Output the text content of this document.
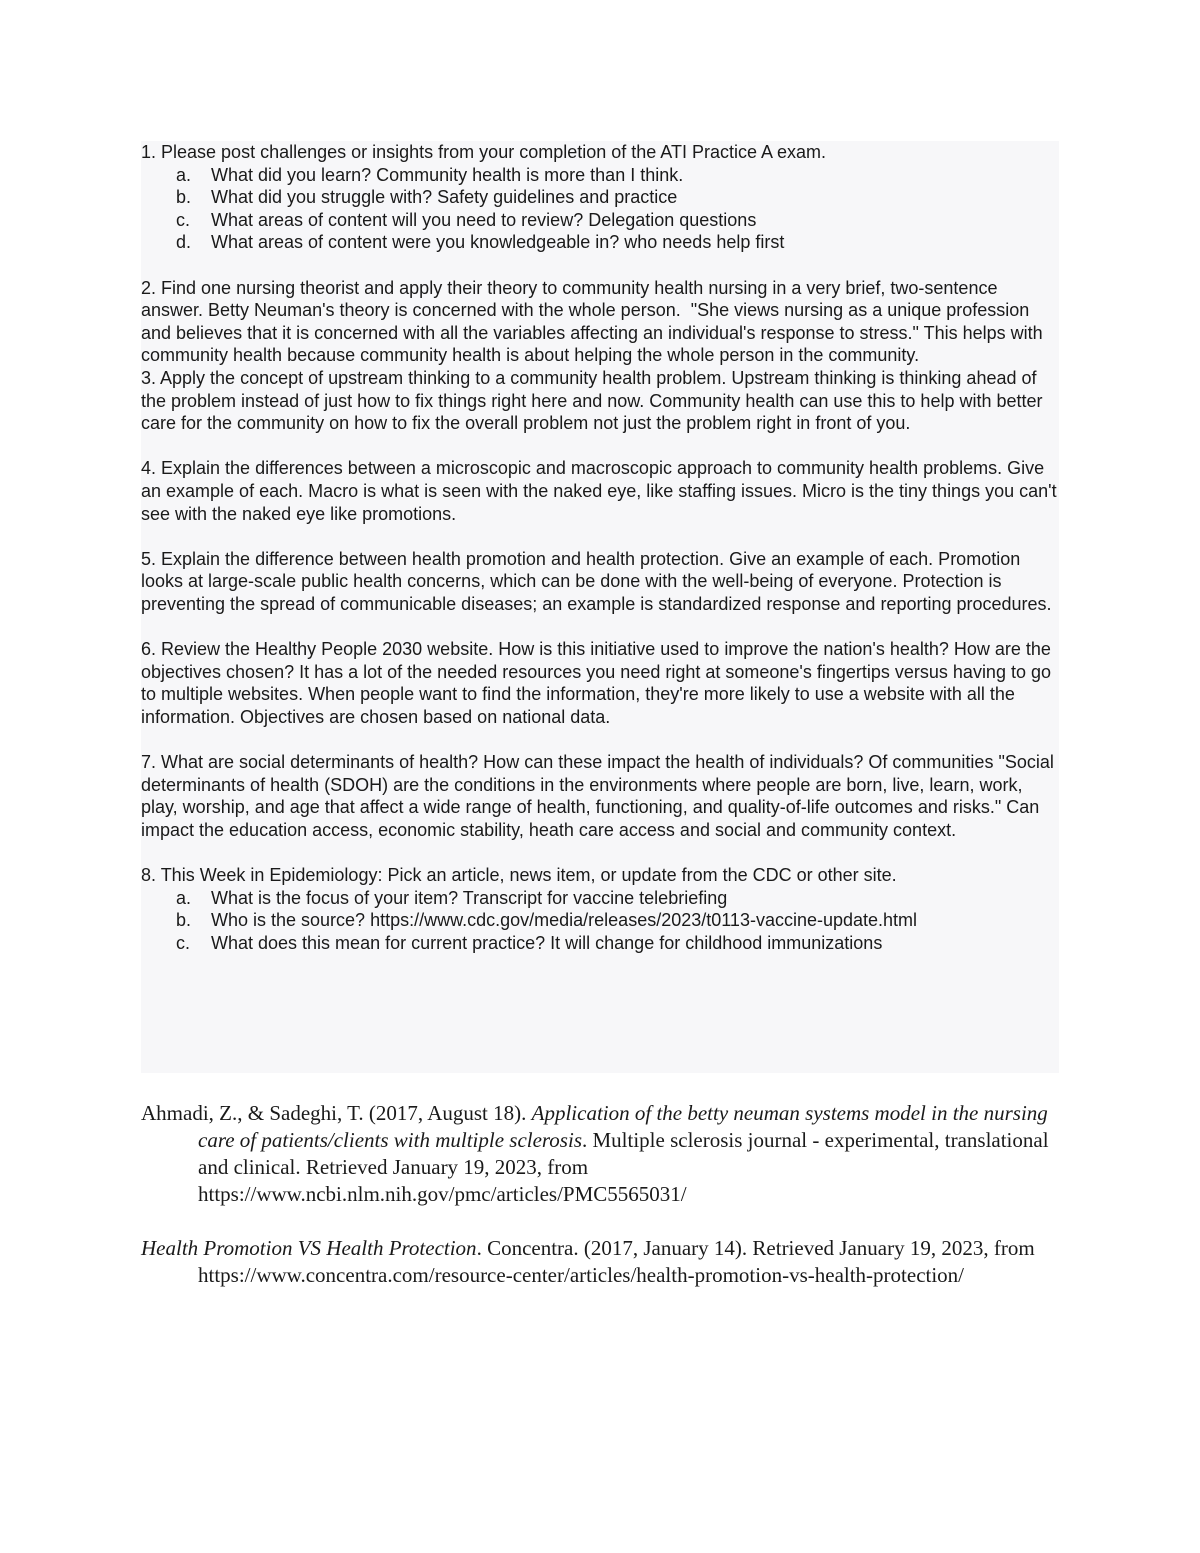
1. Please post challenges or insights from your completion of the ATI Practice A exam.

a.	What did you learn? Community health is more than I think.
b.	What did you struggle with? Safety guidelines and practice
c.	What areas of content will you need to review? Delegation questions
d.	What areas of content were you knowledgeable in? who needs help first

2. Find one nursing theorist and apply their theory to community health nursing in a very brief, two-sentence answer. Betty Neuman's theory is concerned with the whole person.  "She views nursing as a unique profession and believes that it is concerned with all the variables affecting an individual's response to stress." This helps with community health because community health is about helping the whole person in the community.

3. Apply the concept of upstream thinking to a community health problem. Upstream thinking is thinking ahead of the problem instead of just how to fix things right here and now. Community health can use this to help with better care for the community on how to fix the overall problem not just the problem right in front of you.

4. Explain the differences between a microscopic and macroscopic approach to community health problems. Give an example of each. Macro is what is seen with the naked eye, like staffing issues. Micro is the tiny things you can't see with the naked eye like promotions.

5. Explain the difference between health promotion and health protection. Give an example of each. Promotion looks at large-scale public health concerns, which can be done with the well-being of everyone. Protection is preventing the spread of communicable diseases; an example is standardized response and reporting procedures.

6. Review the Healthy People 2030 website. How is this initiative used to improve the nation's health? How are the objectives chosen? It has a lot of the needed resources you need right at someone's fingertips versus having to go to multiple websites. When people want to find the information, they're more likely to use a website with all the information. Objectives are chosen based on national data.

7. What are social determinants of health? How can these impact the health of individuals? Of communities "Social determinants of health (SDOH) are the conditions in the environments where people are born, live, learn, work, play, worship, and age that affect a wide range of health, functioning, and quality-of-life outcomes and risks." Can impact the education access, economic stability, heath care access and social and community context.

8. This Week in Epidemiology: Pick an article, news item, or update from the CDC or other site.

a.	What is the focus of your item? Transcript for vaccine telebriefing
b.	Who is the source? https://www.cdc.gov/media/releases/2023/t0113-vaccine-update.html
c.	What does this mean for current practice? It will change for childhood immunizations

Ahmadi, Z., & Sadeghi, T. (2017, August 18). Application of the betty neuman systems model in the nursing care of patients/clients with multiple sclerosis. Multiple sclerosis journal - experimental, translational and clinical. Retrieved January 19, 2023, from https://www.ncbi.nlm.nih.gov/pmc/articles/PMC5565031/

Health Promotion VS Health Protection. Concentra. (2017, January 14). Retrieved January 19, 2023, from https://www.concentra.com/resource-center/articles/health-promotion-vs-health-protection/
